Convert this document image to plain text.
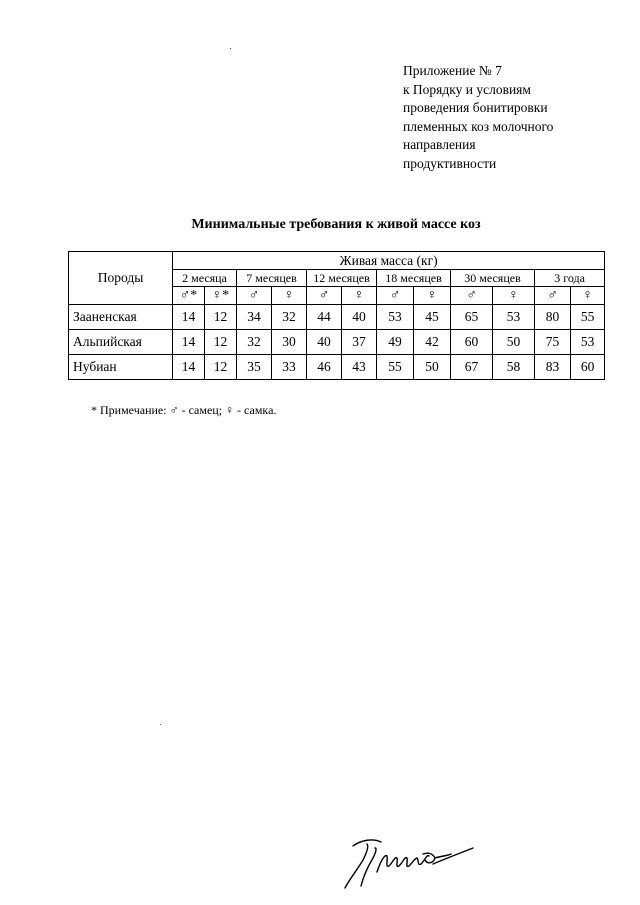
Приложение № 7
к Порядку и условиям
проведения бонитировки
племенных коз молочного
направления
продуктивности
Минимальные требования к живой массе коз
Породы	Живая масса (кг)											
	2 месяца		7 месяцев		12 месяцев		18 месяцев		30 месяцев		3 года	
	♂*	♀*	♂	♀	♂	♀	♂	♀	♂	♀	♂	♀
Зааненская	14	12	34	32	44	40	53	45	65	53	80	55
Альпийская	14	12	32	30	40	37	49	42	60	50	75	53
Нубиан	14	12	35	33	46	43	55	50	67	58	83	60
* Примечание: ♂ - самец; ♀ - самка.
